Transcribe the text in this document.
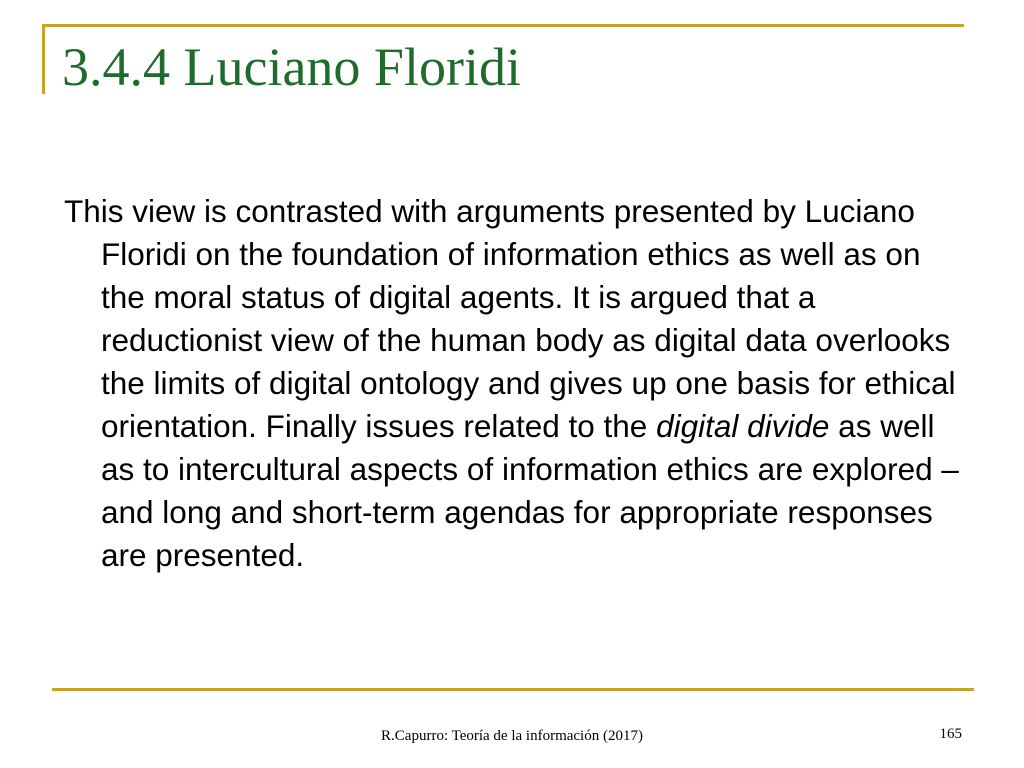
3.4.4 Luciano Floridi

This view is contrasted with arguments presented by Luciano Floridi on the foundation of information ethics as well as on the moral status of digital agents. It is argued that a reductionist view of the human body as digital data overlooks the limits of digital ontology and gives up one basis for ethical orientation. Finally issues related to the digital divide as well as to intercultural aspects of information ethics are explored – and long and short-term agendas for appropriate responses are presented.

R.Capurro: Teoría de la información (2017)	165
